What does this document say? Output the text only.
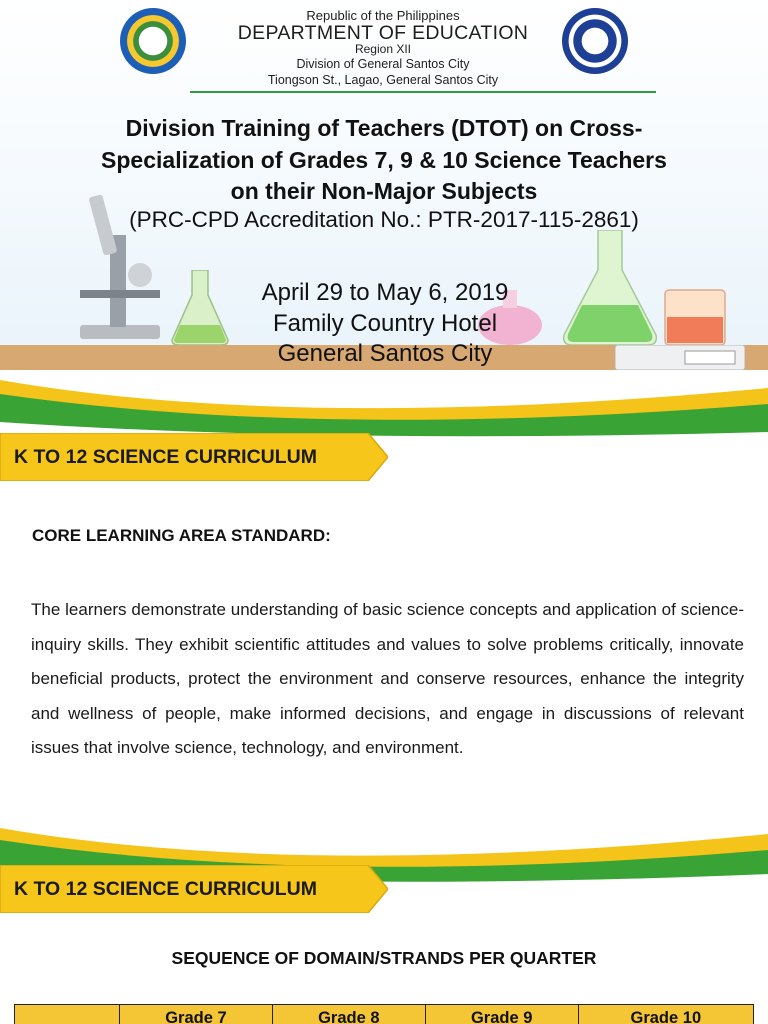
Republic of the Philippines
DEPARTMENT OF EDUCATION
Region XII
Division of General Santos City
Tiongson St., Lagao, General Santos City
Division Training of Teachers (DTOT) on Cross-
Specialization of Grades 7, 9 & 10 Science Teachers
on their Non-Major Subjects
(PRC-CPD Accreditation No.: PTR-2017-115-2861)
April 29 to May 6, 2019
Family Country Hotel
General Santos City
K TO 12 SCIENCE CURRICULUM
CORE LEARNING AREA STANDARD:
The learners demonstrate understanding of basic science concepts and application of science-inquiry skills. They exhibit scientific attitudes and values to solve problems critically, innovate beneficial products, protect the environment and conserve resources, enhance the integrity and wellness of people, make informed decisions, and engage in discussions of relevant issues that involve science, technology, and environment.
K TO 12 SCIENCE CURRICULUM
SEQUENCE OF DOMAIN/STRANDS PER QUARTER

Grade 7	Grade 8	Grade 9	Grade 10
